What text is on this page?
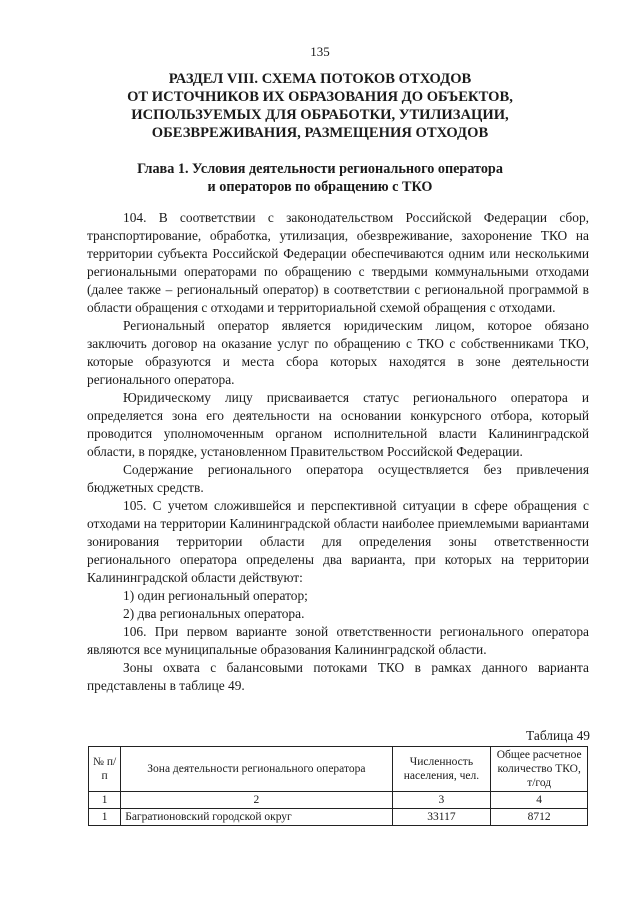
135
РАЗДЕЛ VIII. СХЕМА ПОТОКОВ ОТХОДОВ
ОТ ИСТОЧНИКОВ ИХ ОБРАЗОВАНИЯ ДО ОБЪЕКТОВ,
ИСПОЛЬЗУЕМЫХ ДЛЯ ОБРАБОТКИ, УТИЛИЗАЦИИ,
ОБЕЗВРЕЖИВАНИЯ, РАЗМЕЩЕНИЯ ОТХОДОВ
Глава 1. Условия деятельности регионального оператора
и операторов по обращению с ТКО

104. В соответствии с законодательством Российской Федерации сбор, транспортирование, обработка, утилизация, обезвреживание, захоронение ТКО на территории субъекта Российской Федерации обеспечиваются одним или несколькими региональными операторами по обращению с твердыми коммунальными отходами (далее также – региональный оператор) в соответствии с региональной программой в области обращения с отходами и территориальной схемой обращения с отходами.

Региональный оператор является юридическим лицом, которое обязано заключить договор на оказание услуг по обращению с ТКО с собственниками ТКО, которые образуются и места сбора которых находятся в зоне деятельности регионального оператора.

Юридическому лицу присваивается статус регионального оператора и определяется зона его деятельности на основании конкурсного отбора, который проводится уполномоченным органом исполнительной власти Калининградской области, в порядке, установленном Правительством Российской Федерации.

Содержание регионального оператора осуществляется без привлечения бюджетных средств.

105. С учетом сложившейся и перспективной ситуации в сфере обращения с отходами на территории Калининградской области наиболее приемлемыми вариантами зонирования территории области для определения зоны ответственности регионального оператора определены два варианта, при которых на территории Калининградской области действуют:

1) один региональный оператор;

2) два региональных оператора.

106. При первом варианте зоной ответственности регионального оператора являются все муниципальные образования Калининградской области.

Зоны охвата с балансовыми потоками ТКО в рамках данного варианта представлены в таблице 49.

Таблица 49
№ п/п	Зона деятельности регионального оператора	Численность населения, чел.	Общее расчетное количество ТКО, т/год
1	2	3	4
1	Багратионовский городской округ	33117	8712
